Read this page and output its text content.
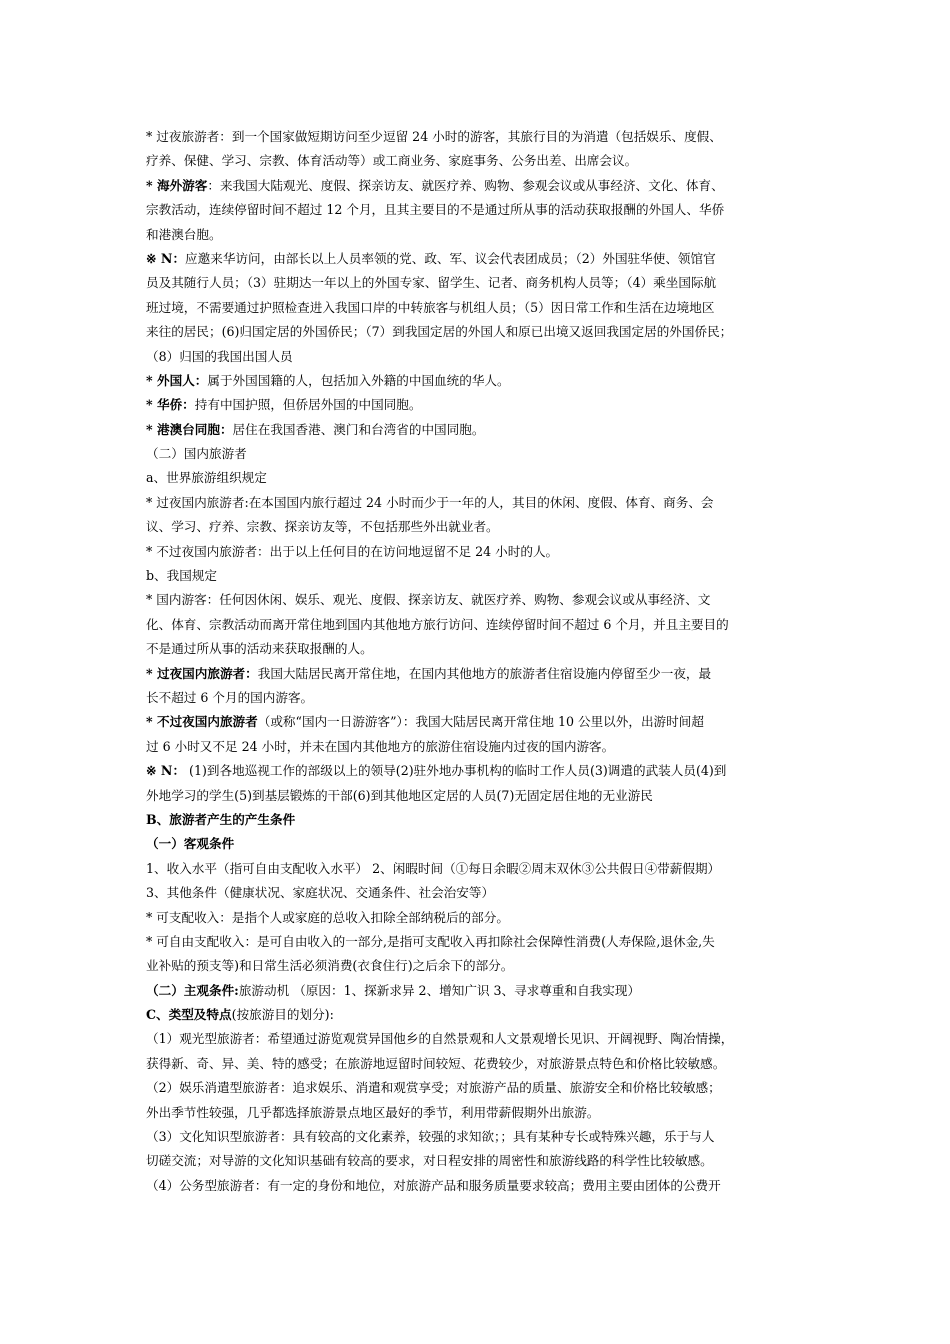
* 过夜旅游者：到一个国家做短期访问至少逗留 24 小时的游客，其旅行目的为消遣（包括娱乐、度假、
疗养、保健、学习、宗教、体育活动等）或工商业务、家庭事务、公务出差、出席会议。
* 海外游客：来我国大陆观光、度假、探亲访友、就医疗养、购物、参观会议或从事经济、文化、体育、
宗教活动，连续停留时间不超过 12 个月，且其主要目的不是通过所从事的活动获取报酬的外国人、华侨
和港澳台胞。
※ N：应邀来华访问，由部长以上人员率领的党、政、军、议会代表团成员；（2）外国驻华使、领馆官
员及其随行人员；（3）驻期达一年以上的外国专家、留学生、记者、商务机构人员等；（4）乘坐国际航
班过境，不需要通过护照检查进入我国口岸的中转旅客与机组人员；（5）因日常工作和生活在边境地区
来往的居民；(6)归国定居的外国侨民；（7）到我国定居的外国人和原已出境又返回我国定居的外国侨民；
（8）归国的我国出国人员
* 外国人：属于外国国籍的人，包括加入外籍的中国血统的华人。
* 华侨：持有中国护照，但侨居外国的中国同胞。
* 港澳台同胞：居住在我国香港、澳门和台湾省的中国同胞。
（二）国内旅游者
a、世界旅游组织规定
* 过夜国内旅游者:在本国国内旅行超过 24 小时而少于一年的人，其目的休闲、度假、体育、商务、会
议、学习、疗养、宗教、探亲访友等，不包括那些外出就业者。
* 不过夜国内旅游者：出于以上任何目的在访问地逗留不足 24 小时的人。
b、我国规定
* 国内游客：任何因休闲、娱乐、观光、度假、探亲访友、就医疗养、购物、参观会议或从事经济、文
化、体育、宗教活动而离开常住地到国内其他地方旅行访问、连续停留时间不超过 6 个月，并且主要目的
不是通过所从事的活动来获取报酬的人。
* 过夜国内旅游者：我国大陆居民离开常住地，在国内其他地方的旅游者住宿设施内停留至少一夜，最
长不超过 6 个月的国内游客。
* 不过夜国内旅游者（或称“国内一日游游客”）：我国大陆居民离开常住地 10 公里以外，出游时间超
过 6 小时又不足 24 小时，并未在国内其他地方的旅游住宿设施内过夜的国内游客。
※ N： (1)到各地巡视工作的部级以上的领导(2)驻外地办事机构的临时工作人员(3)调遣的武装人员(4)到
外地学习的学生(5)到基层锻炼的干部(6)到其他地区定居的人员(7)无固定居住地的无业游民
B、旅游者产生的产生条件
（一）客观条件
1、收入水平（指可自由支配收入水平） 2、闲暇时间（①每日余暇②周末双休③公共假日④带薪假期）
3、其他条件（健康状况、家庭状况、交通条件、社会治安等）
* 可支配收入：是指个人或家庭的总收入扣除全部纳税后的部分。
* 可自由支配收入：是可自由收入的一部分,是指可支配收入再扣除社会保障性消费(人寿保险,退休金,失
业补贴的预支等)和日常生活必须消费(衣食住行)之后余下的部分。
（二）主观条件:旅游动机 （原因：1、探新求异 2、增知广识 3、寻求尊重和自我实现）
C、类型及特点(按旅游目的划分):
（1）观光型旅游者：希望通过游览观赏异国他乡的自然景观和人文景观增长见识、开阔视野、陶冶情操，
获得新、奇、异、美、特的感受；在旅游地逗留时间较短、花费较少，对旅游景点特色和价格比较敏感。
（2）娱乐消遣型旅游者：追求娱乐、消遣和观赏享受；对旅游产品的质量、旅游安全和价格比较敏感；
外出季节性较强，几乎都选择旅游景点地区最好的季节，利用带薪假期外出旅游。
（3）文化知识型旅游者：具有较高的文化素养，较强的求知欲；；具有某种专长或特殊兴趣，乐于与人
切磋交流；对导游的文化知识基础有较高的要求，对日程安排的周密性和旅游线路的科学性比较敏感。
（4）公务型旅游者：有一定的身份和地位，对旅游产品和服务质量要求较高；费用主要由团体的公费开
